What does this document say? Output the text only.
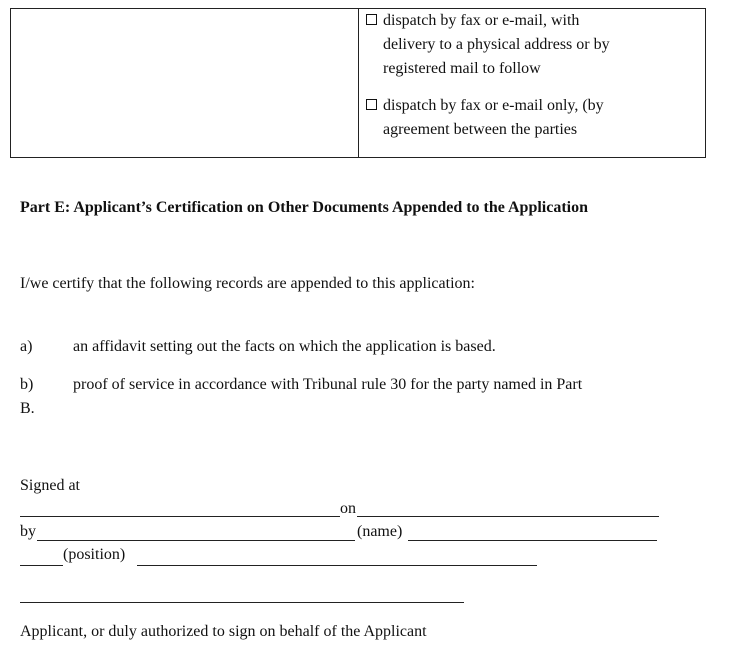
dispatch by fax or e-mail, with
delivery to a physical address or by
registered mail to follow
dispatch by fax or e-mail only, (by
agreement between the parties
Part E: Applicant’s Certification on Other Documents Appended to the Application
I/we certify that the following records are appended to this application:
a)	an affidavit setting out the facts on which the application is based.
b) proof of service in accordance with Tribunal rule 30 for the party named in Part
B.
Signed at
on
by	(name)
(position)
Applicant, or duly authorized to sign on behalf of the Applicant
